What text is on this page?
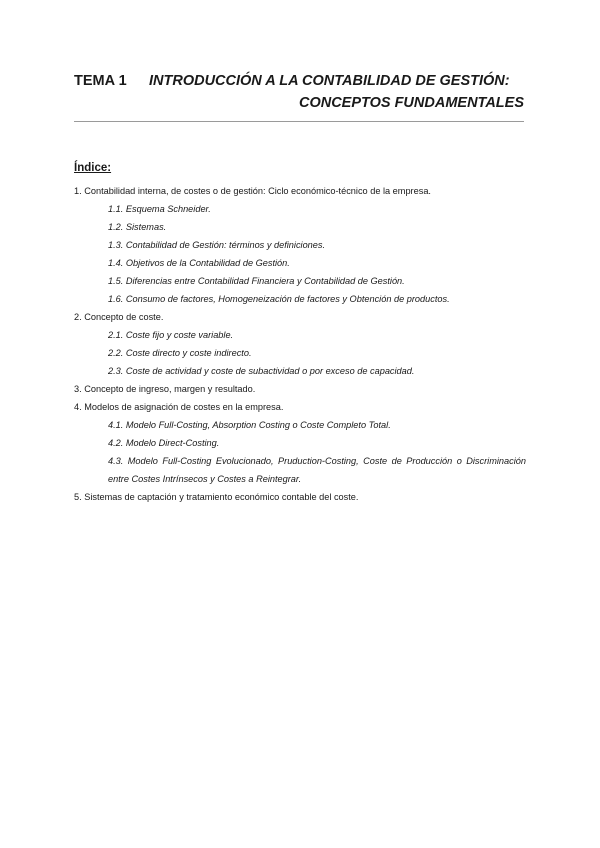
TEMA 1	INTRODUCCIÓN A LA CONTABILIDAD DE GESTIÓN:
CONCEPTOS FUNDAMENTALES
Índice:

1. Contabilidad interna, de costes o de gestión: Ciclo económico-técnico de la empresa.

1.1. Esquema Schneider.

1.2. Sistemas.

1.3. Contabilidad de Gestión: términos y definiciones.

1.4. Objetivos de la Contabilidad de Gestión.

1.5. Diferencias entre Contabilidad Financiera y Contabilidad de Gestión.

1.6. Consumo de factores, Homogeneización de factores y Obtención de productos.

2. Concepto de coste.

2.1. Coste fijo y coste variable.

2.2. Coste directo y coste indirecto.

2.3. Coste de actividad y coste de subactividad o por exceso de capacidad.

3. Concepto de ingreso, margen y resultado.

4. Modelos de asignación de costes en la empresa.

4.1. Modelo Full-Costing, Absorption Costing o Coste Completo Total.

4.2. Modelo Direct-Costing.

4.3. Modelo Full-Costing Evolucionado, Pruduction-Costing, Coste de Producción o Discriminación entre Costes Intrínsecos y Costes a Reintegrar.

5. Sistemas de captación y tratamiento económico contable del coste.
